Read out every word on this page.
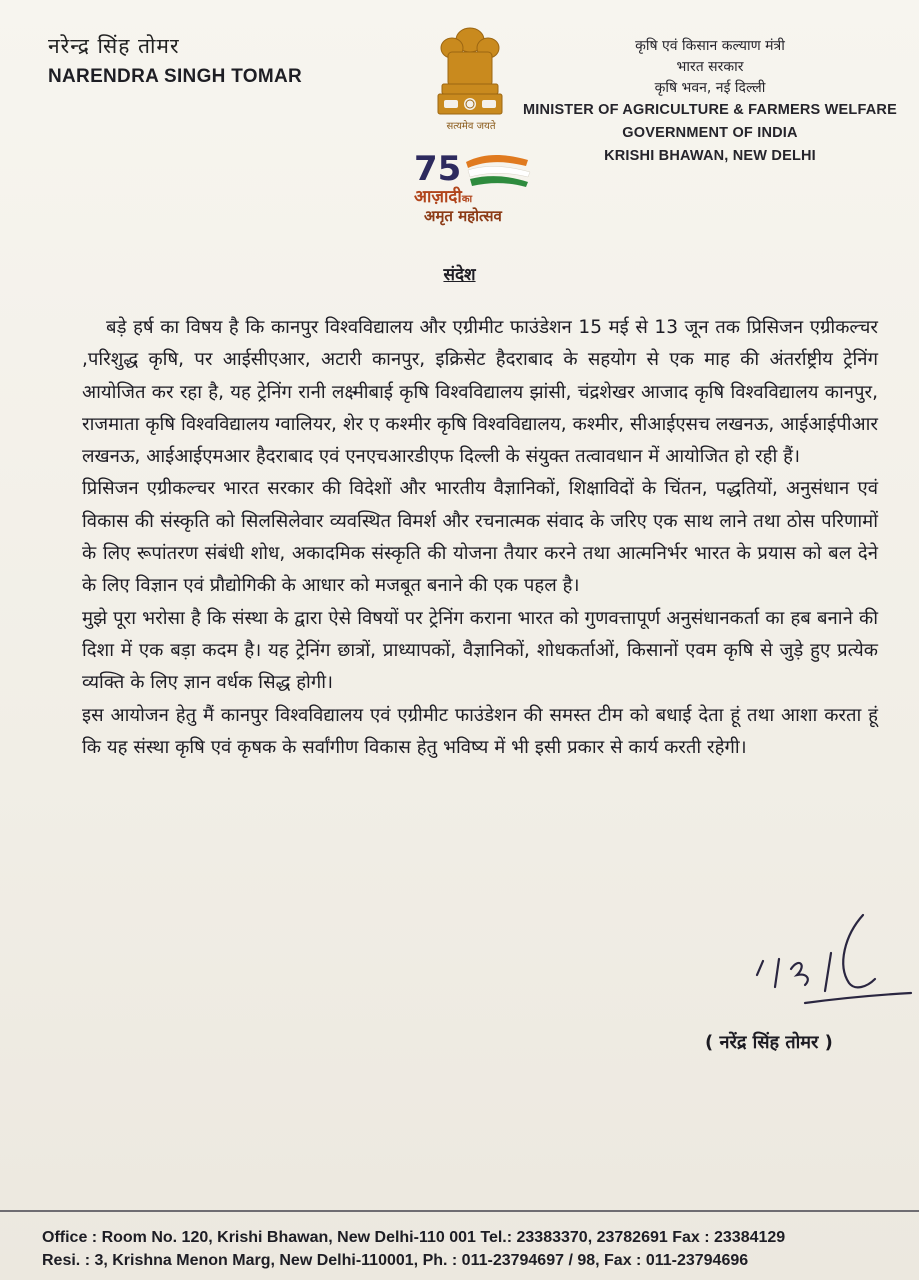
नरेन्द्र सिंह तोमर
NARENDRA SINGH TOMAR
सत्यमेव जयते
75
आज़ादीका
अमृत महोत्सव
कृषि एवं किसान कल्याण मंत्री
भारत सरकार
कृषि भवन, नई दिल्ली
MINISTER OF AGRICULTURE & FARMERS WELFARE
GOVERNMENT OF INDIA
KRISHI BHAWAN, NEW DELHI
संदेश

बड़े हर्ष का विषय है कि कानपुर विश्वविद्यालय और एग्रीमीट फाउंडेशन 15 मई से 13 जून तक प्रिसिजन एग्रीकल्चर ,परिशुद्ध कृषि, पर आईसीएआर, अटारी कानपुर, इक्रिसेट हैदराबाद के सहयोग से एक माह की अंतर्राष्ट्रीय ट्रेनिंग आयोजित कर रहा है, यह ट्रेनिंग रानी लक्ष्मीबाई कृषि विश्वविद्यालय झांसी, चंद्रशेखर आजाद कृषि विश्वविद्यालय कानपुर, राजमाता कृषि विश्वविद्यालय ग्वालियर, शेर ए कश्मीर कृषि विश्वविद्यालय, कश्मीर, सीआईएसच लखनऊ, आईआईपीआर लखनऊ, आईआईएमआर हैदराबाद एवं एनएचआरडीएफ दिल्ली के संयुक्त तत्वावधान में आयोजित हो रही हैं।

प्रिसिजन एग्रीकल्चर भारत सरकार की विदेशों और भारतीय वैज्ञानिकों, शिक्षाविदों के चिंतन, पद्धतियों, अनुसंधान एवं विकास की संस्कृति को सिलसिलेवार व्यवस्थित विमर्श और रचनात्मक संवाद के जरिए एक साथ लाने तथा ठोस परिणामों के लिए रूपांतरण संबंधी शोध, अकादमिक संस्कृति की योजना तैयार करने तथा आत्मनिर्भर भारत के प्रयास को बल देने के लिए विज्ञान एवं प्रौद्योगिकी के आधार को मजबूत बनाने की एक पहल है।

मुझे पूरा भरोसा है कि संस्था के द्वारा ऐसे विषयों पर ट्रेनिंग कराना भारत को गुणवत्तापूर्ण अनुसंधानकर्ता का हब बनाने की दिशा में एक बड़ा कदम है। यह ट्रेनिंग छात्रों, प्राध्यापकों, वैज्ञानिकों, शोधकर्ताओं, किसानों एवम कृषि से जुड़े हुए प्रत्येक व्यक्ति के लिए ज्ञान वर्धक सिद्ध होगी।

इस आयोजन हेतु मैं कानपुर विश्वविद्यालय एवं एग्रीमीट फाउंडेशन की समस्त टीम को बधाई देता हूं तथा आशा करता हूं कि यह संस्था कृषि एवं कृषक के सर्वांगीण विकास हेतु भविष्य में भी इसी प्रकार से कार्य करती रहेगी।

( नरेंद्र सिंह तोमर )
Office : Room No. 120, Krishi Bhawan, New Delhi-110 001 Tel.: 23383370, 23782691 Fax : 23384129
Resi. : 3, Krishna Menon Marg, New Delhi-110001, Ph. : 011-23794697 / 98, Fax : 011-23794696
